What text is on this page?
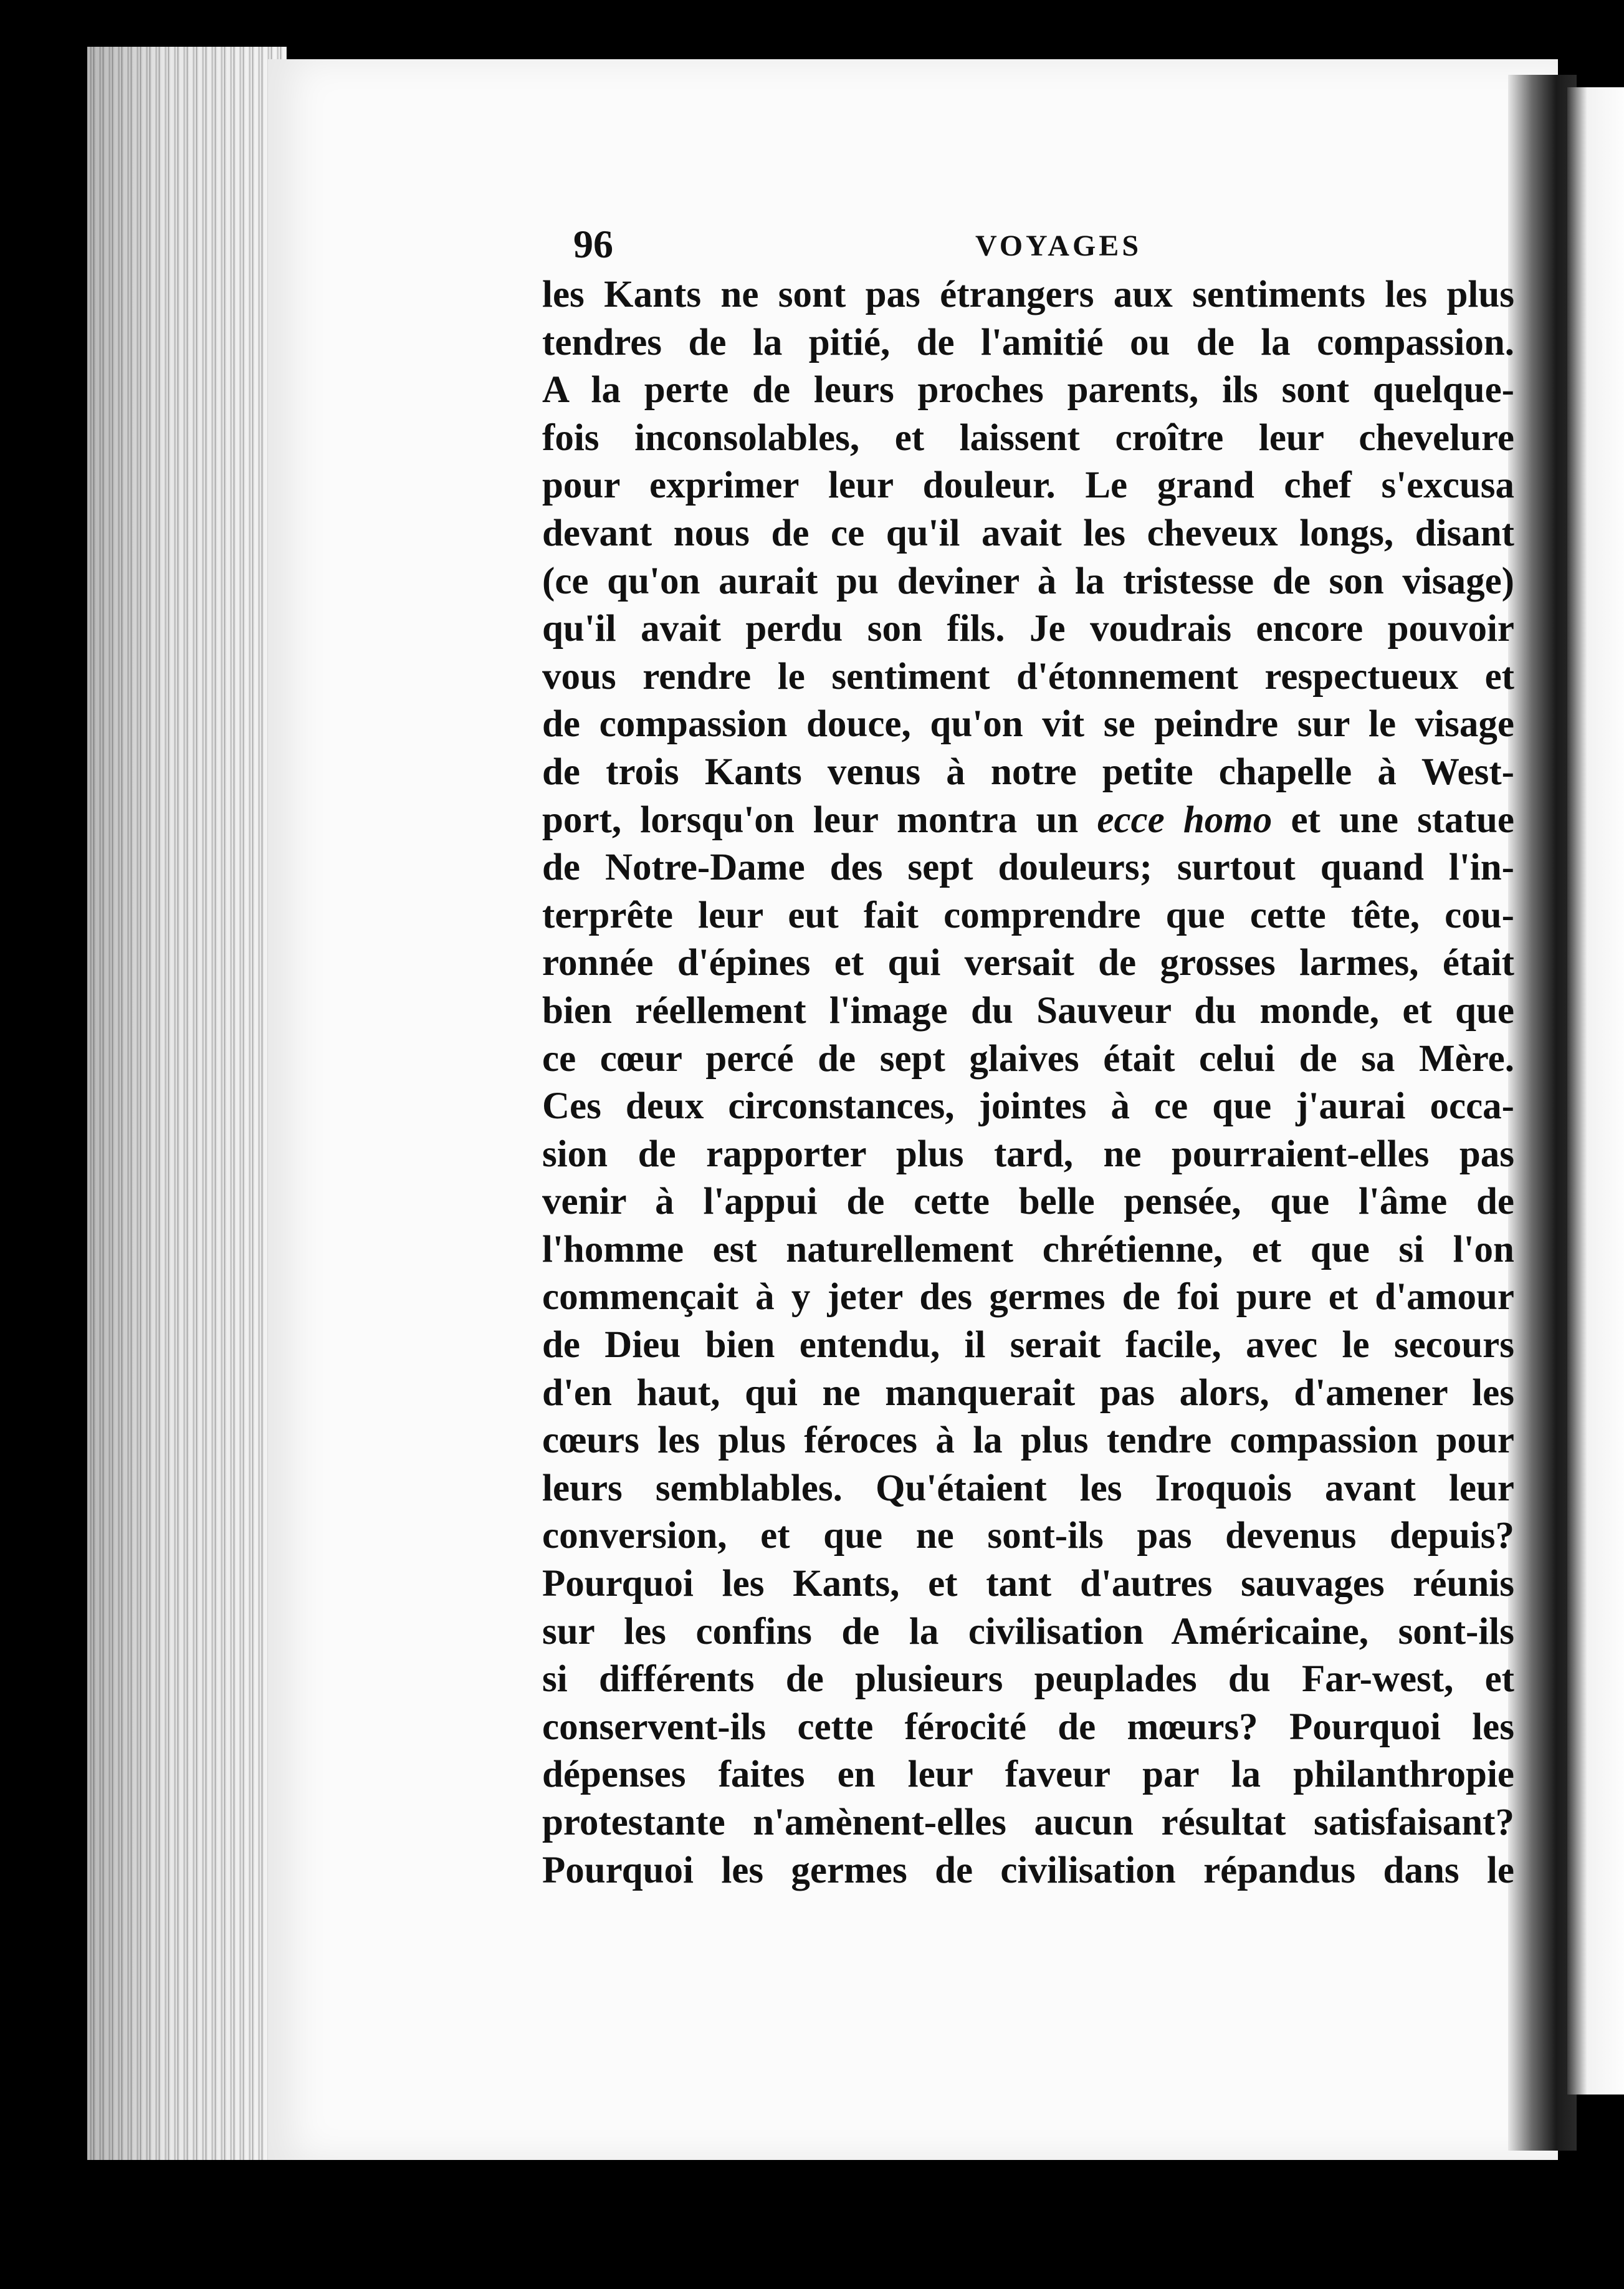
96	VOYAGES
les Kants ne sont pas étrangers aux sentiments les plus
tendres de la pitié, de l'amitié ou de la compassion.
A la perte de leurs proches parents, ils sont quelque-
fois inconsolables, et laissent croître leur chevelure
pour exprimer leur douleur. Le grand chef s'excusa
devant nous de ce qu'il avait les cheveux longs, disant
(ce qu'on aurait pu deviner à la tristesse de son visage)
qu'il avait perdu son fils. Je voudrais encore pouvoir
vous rendre le sentiment d'étonnement respectueux et
de compassion douce, qu'on vit se peindre sur le visage
de trois Kants venus à notre petite chapelle à West-
port, lorsqu'on leur montra un ecce homo et une statue
de Notre-Dame des sept douleurs; surtout quand l'in-
terprête leur eut fait comprendre que cette tête, cou-
ronnée d'épines et qui versait de grosses larmes, était
bien réellement l'image du Sauveur du monde, et que
ce cœur percé de sept glaives était celui de sa Mère.
Ces deux circonstances, jointes à ce que j'aurai occa-
sion de rapporter plus tard, ne pourraient-elles pas
venir à l'appui de cette belle pensée, que l'âme de
l'homme est naturellement chrétienne, et que si l'on
commençait à y jeter des germes de foi pure et d'amour
de Dieu bien entendu, il serait facile, avec le secours
d'en haut, qui ne manquerait pas alors, d'amener les
cœurs les plus féroces à la plus tendre compassion pour
leurs semblables. Qu'étaient les Iroquois avant leur
conversion, et que ne sont-ils pas devenus depuis?
Pourquoi les Kants, et tant d'autres sauvages réunis
sur les confins de la civilisation Américaine, sont-ils
si différents de plusieurs peuplades du Far-west, et
conservent-ils cette férocité de mœurs? Pourquoi les
dépenses faites en leur faveur par la philanthropie
protestante n'amènent-elles aucun résultat satisfaisant?
Pourquoi les germes de civilisation répandus dans le
